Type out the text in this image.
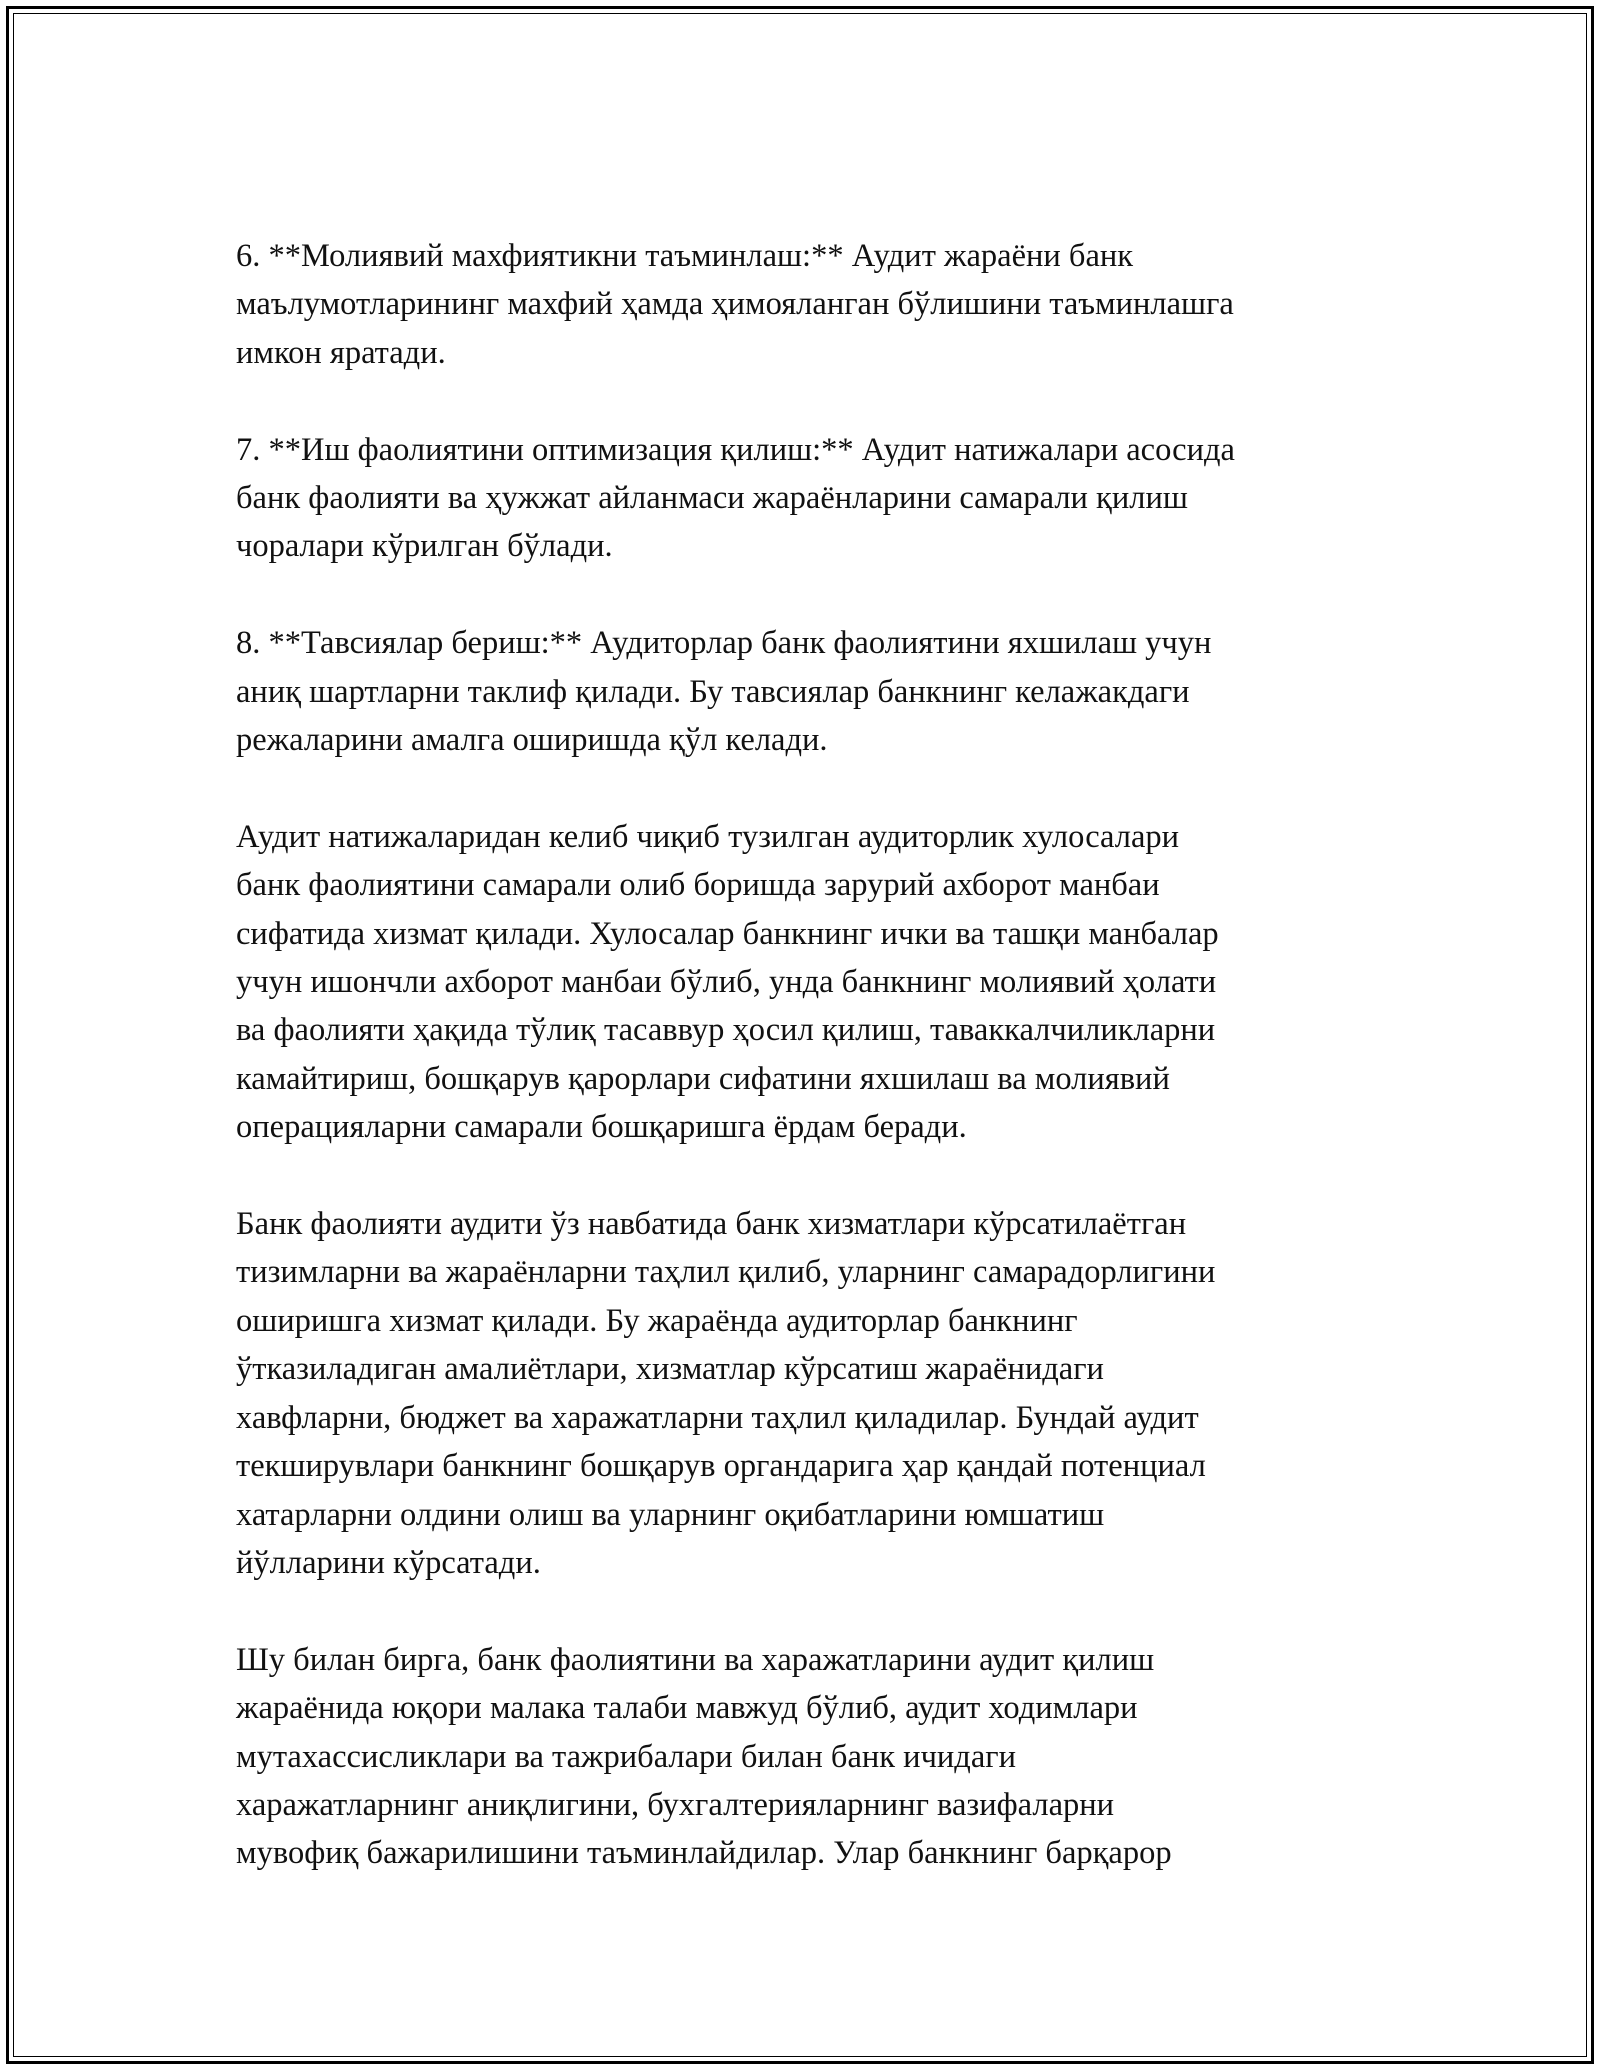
6. **Молиявий махфиятикни таъминлаш:** Аудит жараёни банк
маълумотларининг махфий ҳамда ҳимояланган бўлишини таъминлашга
имкон яратади.

7. **Иш фаолиятини оптимизация қилиш:** Аудит натижалари асосида
банк фаолияти ва ҳужжат айланмаси жараёнларини самарали қилиш
чоралари кўрилган бўлади.

8. **Тавсиялар бериш:** Аудиторлар банк фаолиятини яхшилаш учун
аниқ шартларни таклиф қилади. Бу тавсиялар банкнинг келажакдаги
режаларини амалга оширишда қўл келади.

Аудит натижаларидан келиб чиқиб тузилган аудиторлик хулосалари
банк фаолиятини самарали олиб боришда зарурий ахборот манбаи
сифатида хизмат қилади. Хулосалар банкнинг ички ва ташқи манбалар
учун ишончли ахборот манбаи бўлиб, унда банкнинг молиявий ҳолати
ва фаолияти ҳақида тўлиқ тасаввур ҳосил қилиш, таваккалчиликларни
камайтириш, бошқарув қарорлари сифатини яхшилаш ва молиявий
операцияларни самарали бошқаришга ёрдам беради.

Банк фаолияти аудити ўз навбатида банк хизматлари кўрсатилаётган
тизимларни ва жараёнларни таҳлил қилиб, уларнинг самарадорлигини
оширишга хизмат қилади. Бу жараёнда аудиторлар банкнинг
ўтказиладиган амалиётлари, хизматлар кўрсатиш жараёнидаги
хавфларни, бюджет ва харажатларни таҳлил қиладилар. Бундай аудит
текширувлари банкнинг бошқарув органдарига ҳар қандай потенциал
хатарларни олдини олиш ва уларнинг оқибатларини юмшатиш
йўлларини кўрсатади.

Шу билан бирга, банк фаолиятини ва харажатларини аудит қилиш
жараёнида юқори малака талаби мавжуд бўлиб, аудит ходимлари
мутахассисликлари ва тажрибалари билан банк ичидаги
харажатларнинг аниқлигини, бухгалтерияларнинг вазифаларни
мувофиқ бажарилишини таъминлайдилар. Улар банкнинг барқарор
